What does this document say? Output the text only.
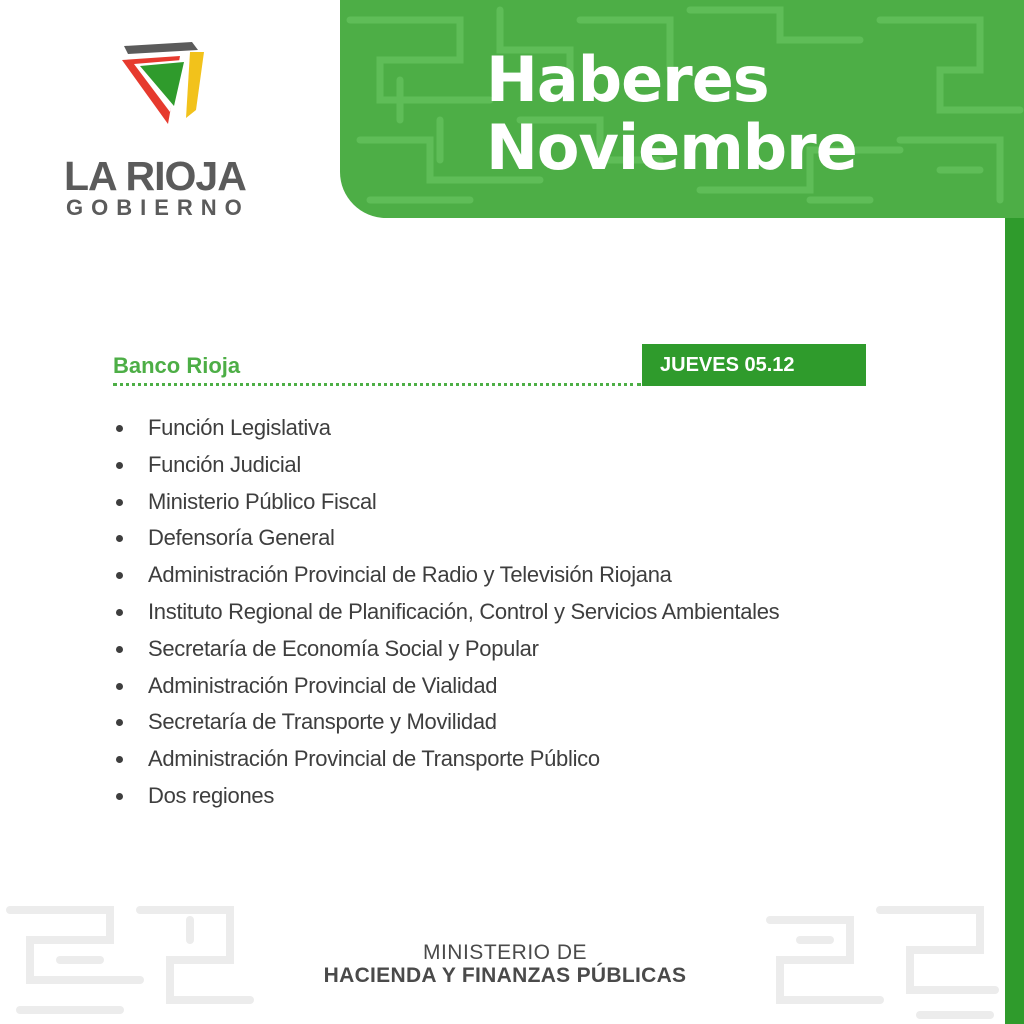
Haberes
Noviembre
LA RIOJA
GOBIERNO
Banco Rioja	JUEVES 05.12
Función Legislativa
Función Judicial
Ministerio Público Fiscal
Defensoría General
Administración Provincial de Radio y Televisión Riojana
Instituto Regional de Planificación, Control y Servicios Ambientales
Secretaría de Economía Social y Popular
Administración Provincial de Vialidad
Secretaría de Transporte y Movilidad
Administración Provincial de Transporte Público
Dos regiones
MINISTERIO DE
HACIENDA Y FINANZAS PÚBLICAS
